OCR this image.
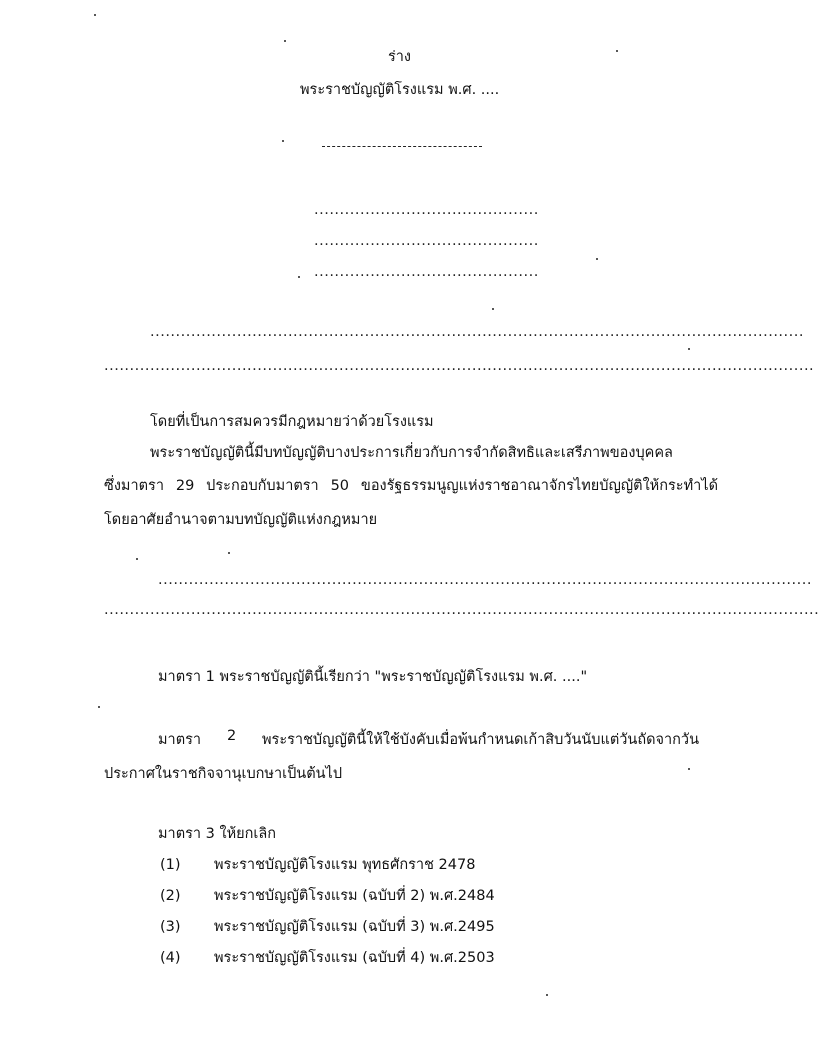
ร่าง
พระราชบัญญัติโรงแรม พ.ศ. ....
............................................
............................................
............................................
................................................................................................................................
...........................................................................................................................................
โดยที่เป็นการสมควรมีกฎหมายว่าด้วยโรงแรม
พระราชบัญญัตินี้มีบทบัญญัติบางประการเกี่ยวกับการจำกัดสิทธิและเสรีภาพของบุคคล
ซึ่งมาตรา 29 ประกอบกับมาตรา 50 ของรัฐธรรมนูญแห่งราชอาณาจักรไทยบัญญัติให้กระทำได้
โดยอาศัยอำนาจตามบทบัญญัติแห่งกฎหมาย
................................................................................................................................
............................................................................................................................................
มาตรา 1 พระราชบัญญัตินี้เรียกว่า "พระราชบัญญัติโรงแรม พ.ศ. ...."
มาตรา 2 พระราชบัญญัตินี้ให้ใช้บังคับเมื่อพ้นกำหนดเก้าสิบวันนับแต่วันถัดจากวัน
ประกาศในราชกิจจานุเบกษาเป็นต้นไป
มาตรา 3 ให้ยกเลิก
(1) พระราชบัญญัติโรงแรม พุทธศักราช 2478
(2) พระราชบัญญัติโรงแรม (ฉบับที่ 2) พ.ศ.2484
(3) พระราชบัญญัติโรงแรม (ฉบับที่ 3) พ.ศ.2495
(4) พระราชบัญญัติโรงแรม (ฉบับที่ 4) พ.ศ.2503
